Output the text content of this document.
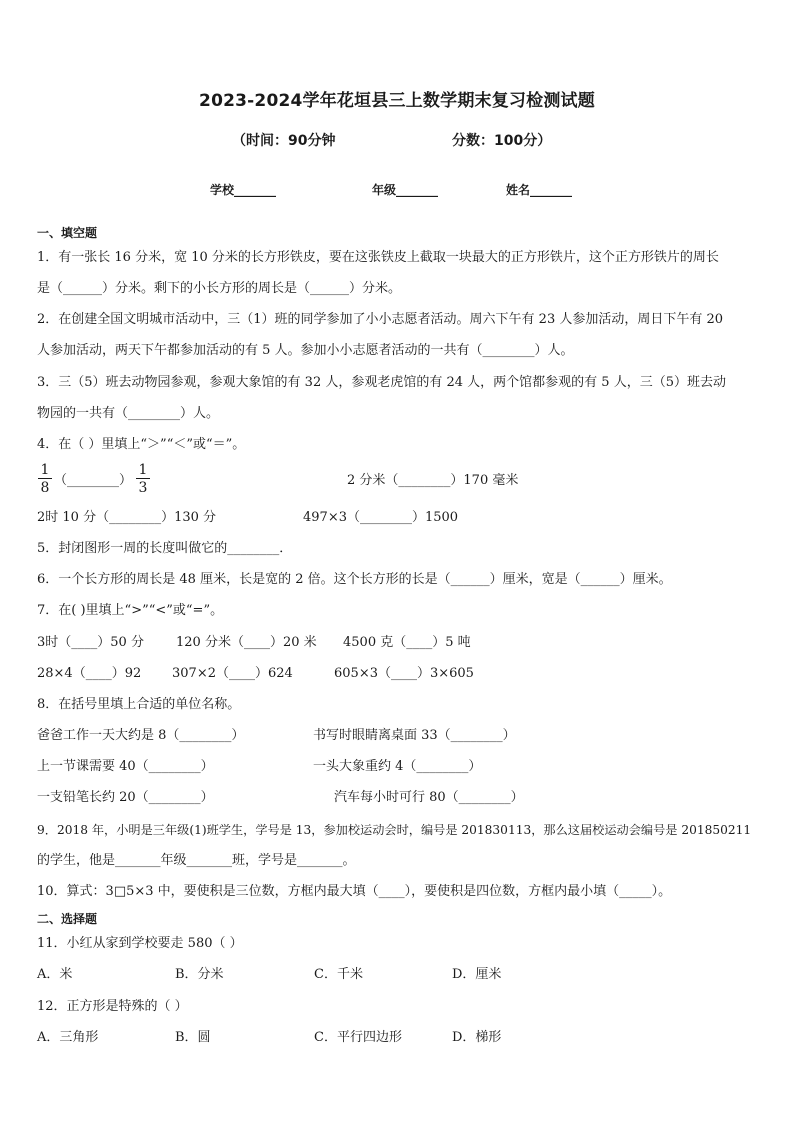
2023-2024学年花垣县三上数学期末复习检测试题
（时间：90分钟	分数：100分）
学校_______	年级_______	姓名_______
一、填空题
1．有一张长 16 分米，宽 10 分米的长方形铁皮，要在这张铁皮上截取一块最大的正方形铁片，这个正方形铁片的周长
是（______）分米。剩下的小长方形的周长是（______）分米。
2．在创建全国文明城市活动中，三（1）班的同学参加了小小志愿者活动。周六下午有 23 人参加活动，周日下午有 20
人参加活动，两天下午都参加活动的有 5 人。参加小小志愿者活动的一共有（________）人。
3．三（5）班去动物园参观，参观大象馆的有 32 人，参观老虎馆的有 24 人，两个馆都参观的有 5 人，三（5）班去动
物园的一共有（________）人。
4．在（ ）里填上“＞”“＜”或“＝”。
$\frac{1}{8}$ （________） $\frac{1}{3}$	2 分米（________）170 毫米
2时 10 分（________）130 分	497×3（________）1500
5．封闭图形一周的长度叫做它的________．
6．一个长方形的周长是 48 厘米，长是宽的 2 倍。这个长方形的长是（______）厘米，宽是（______）厘米。
7．在( )里填上“>”“<”或“=”。
3时（____）50 分 120 分米（____）20 米 4500 克（____）5 吨
28×4（____）92 307×2（____）624	605×3（____）3×605
8．在括号里填上合适的单位名称。
爸爸工作一天大约是 8（________）	书写时眼睛离桌面 33（________）
上一节课需要 40（________）	一头大象重约 4（________）
一支铅笔长约 20（________）	汽车每小时可行 80（________）
9．2018 年，小明是三年级(1)班学生，学号是 13，参加校运动会时，编号是 201830113，那么这届校运动会编号是 201850211
的学生，他是_______年级_______班，学号是_______。
10．算式：3□5×3 中，要使积是三位数，方框内最大填（____），要使积是四位数，方框内最小填（_____）。
二、选择题
11．小红从家到学校要走 580（ ）
A．米	B．分米	C．千米	D．厘米
12．正方形是特殊的（ ）
A．三角形	B．圆	C．平行四边形	D．梯形
